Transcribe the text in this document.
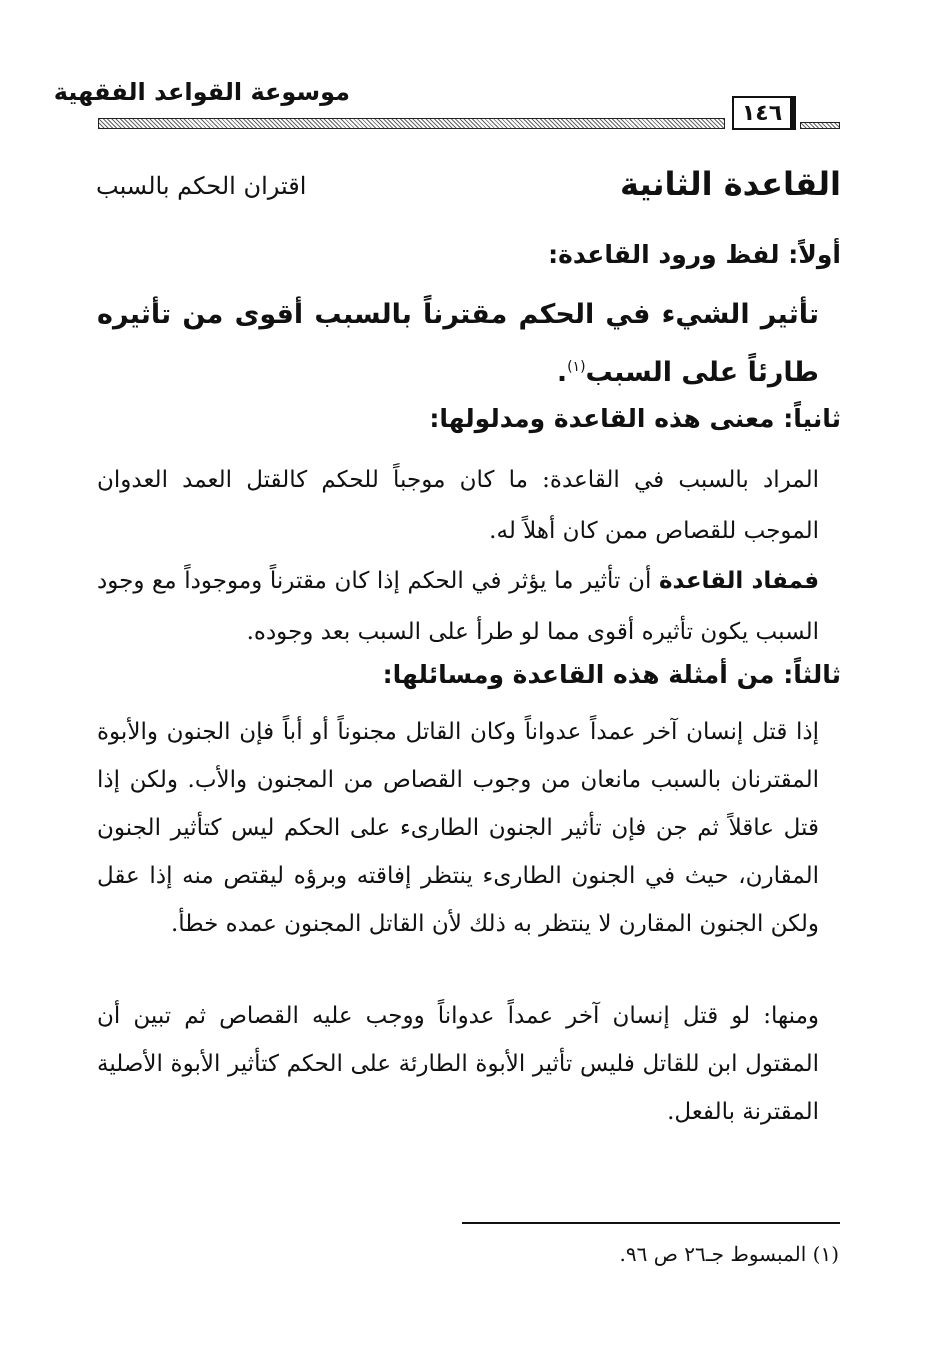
موسوعة القواعد الفقهية
١٤٦
القاعدة الثانية
اقتران الحكم بالسبب
أولاً: لفظ ورود القاعدة:
تأثير الشيء في الحكم مقترناً بالسبب أقوى من تأثيره طارئاً على السبب$^{(١)}$.
ثانياً: معنى هذه القاعدة ومدلولها:
المراد بالسبب في القاعدة: ما كان موجباً للحكم كالقتل العمد العدوان الموجب للقصاص ممن كان أهلاً له.
فمفاد القاعدة أن تأثير ما يؤثر في الحكم إذا كان مقترناً وموجوداً مع وجود السبب يكون تأثيره أقوى مما لو طرأ على السبب بعد وجوده.
ثالثاً: من أمثلة هذه القاعدة ومسائلها:
إذا قتل إنسان آخر عمداً عدواناً وكان القاتل مجنوناً أو أباً فإن الجنون والأبوة المقترنان بالسبب مانعان من وجوب القصاص من المجنون والأب. ولكن إذا قتل عاقلاً ثم جن فإن تأثير الجنون الطارىء على الحكم ليس كتأثير الجنون المقارن، حيث في الجنون الطارىء ينتظر إفاقته وبرؤه ليقتص منه إذا عقل ولكن الجنون المقارن لا ينتظر به ذلك لأن القاتل المجنون عمده خطأ.
ومنها: لو قتل إنسان آخر عمداً عدواناً ووجب عليه القصاص ثم تبين أن المقتول ابن للقاتل فليس تأثير الأبوة الطارئة على الحكم كتأثير الأبوة الأصلية المقترنة بالفعل.
(١) المبسوط جـ٢٦ ص ٩٦.
